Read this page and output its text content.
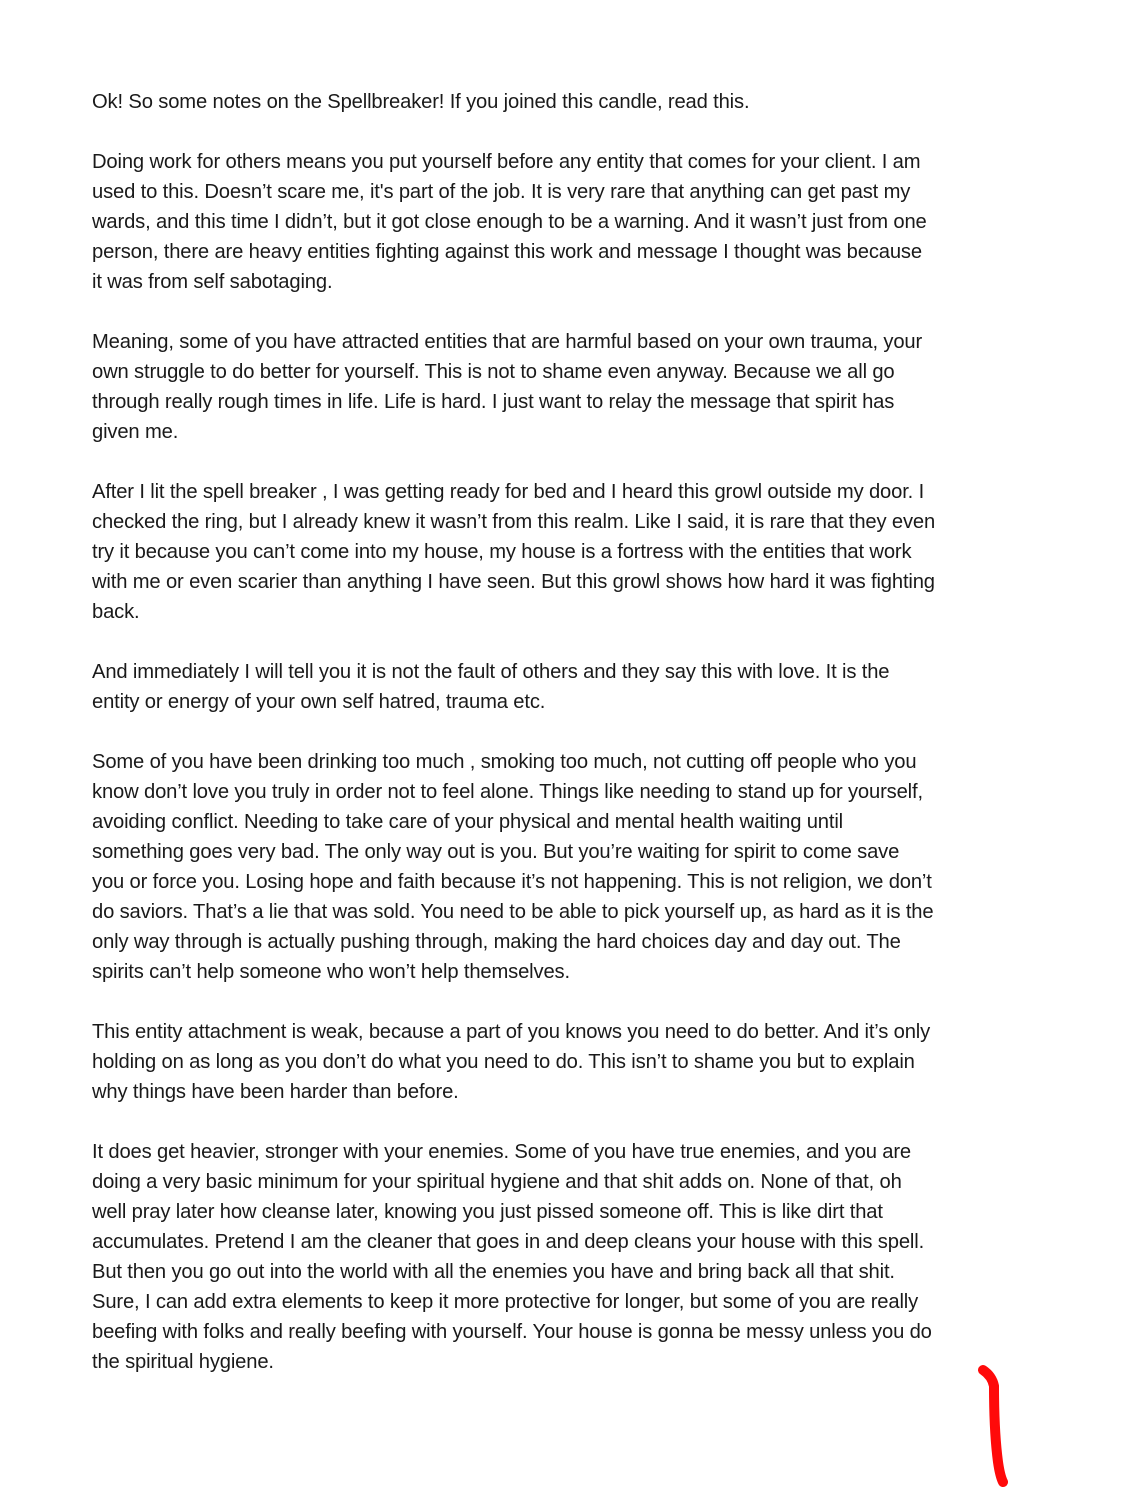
Ok! So some notes on the Spellbreaker! If you joined this candle, read this.
Doing work for others means you put yourself before any entity that comes for your client. I am
used to this. Doesn’t scare me, it's part of the job. It is very rare that anything can get past my
wards, and this time I didn’t, but it got close enough to be a warning. And it wasn’t just from one
person, there are heavy entities fighting against this work and message I thought was because
it was from self sabotaging.
Meaning, some of you have attracted entities that are harmful based on your own trauma, your
own struggle to do better for yourself. This is not to shame even anyway. Because we all go
through really rough times in life. Life is hard. I just want to relay the message that spirit has
given me.
After I lit the spell breaker , I was getting ready for bed and I heard this growl outside my door. I
checked the ring, but I already knew it wasn’t from this realm. Like I said, it is rare that they even
try it because you can’t come into my house, my house is a fortress with the entities that work
with me or even scarier than anything I have seen. But this growl shows how hard it was fighting
back.
And immediately I will tell you it is not the fault of others and they say this with love. It is the
entity or energy of your own self hatred, trauma etc.
Some of you have been drinking too much , smoking too much, not cutting off people who you
know don’t love you truly in order not to feel alone. Things like needing to stand up for yourself,
avoiding conflict. Needing to take care of your physical and mental health waiting until
something goes very bad. The only way out is you. But you’re waiting for spirit to come save
you or force you. Losing hope and faith because it’s not happening. This is not religion, we don’t
do saviors. That’s a lie that was sold. You need to be able to pick yourself up, as hard as it is the
only way through is actually pushing through, making the hard choices day and day out. The
spirits can’t help someone who won’t help themselves.
This entity attachment is weak, because a part of you knows you need to do better. And it’s only
holding on as long as you don’t do what you need to do. This isn’t to shame you but to explain
why things have been harder than before.
It does get heavier, stronger with your enemies. Some of you have true enemies, and you are
doing a very basic minimum for your spiritual hygiene and that shit adds on. None of that, oh
well pray later how cleanse later, knowing you just pissed someone off. This is like dirt that
accumulates. Pretend I am the cleaner that goes in and deep cleans your house with this spell.
But then you go out into the world with all the enemies you have and bring back all that shit.
Sure, I can add extra elements to keep it more protective for longer, but some of you are really
beefing with folks and really beefing with yourself. Your house is gonna be messy unless you do
the spiritual hygiene.
